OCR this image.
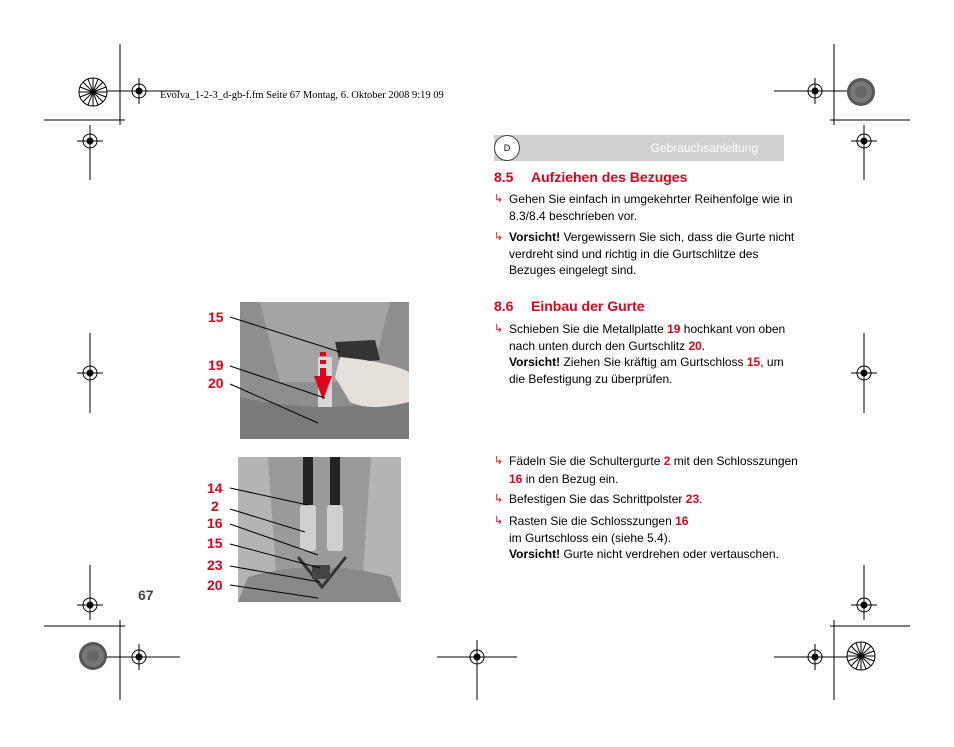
Evolva_1-2-3_d-gb-f.fm Seite 67 Montag, 6. Oktober 2008 9:19 09
Gebrauchsanleitung
D
8.5 Aufziehen des Bezuges
↳ Gehen Sie einfach in umgekehrter Reihenfolge wie in 8.3/8.4 beschrieben vor.
↳ Vorsicht! Vergewissern Sie sich, dass die Gurte nicht verdreht sind und richtig in die Gurtschlitze des Bezuges eingelegt sind.
8.6 Einbau der Gurte
↳ Schieben Sie die Metallplatte 19 hochkant von oben nach unten durch den Gurtschlitz 20.
Vorsicht! Ziehen Sie kräftig am Gurtschloss 15, um die Befestigung zu überprüfen.
↳ Fädeln Sie die Schultergurte 2 mit den Schlosszungen 16 in den Bezug ein.
↳ Befestigen Sie das Schrittpolster 23.
↳ Rasten Sie die Schlosszungen 16
im Gurtschloss ein (siehe 5.4).
Vorsicht! Gurte nicht verdrehen oder vertauschen.
15
19
20
14
2
16
15
23
20
67
